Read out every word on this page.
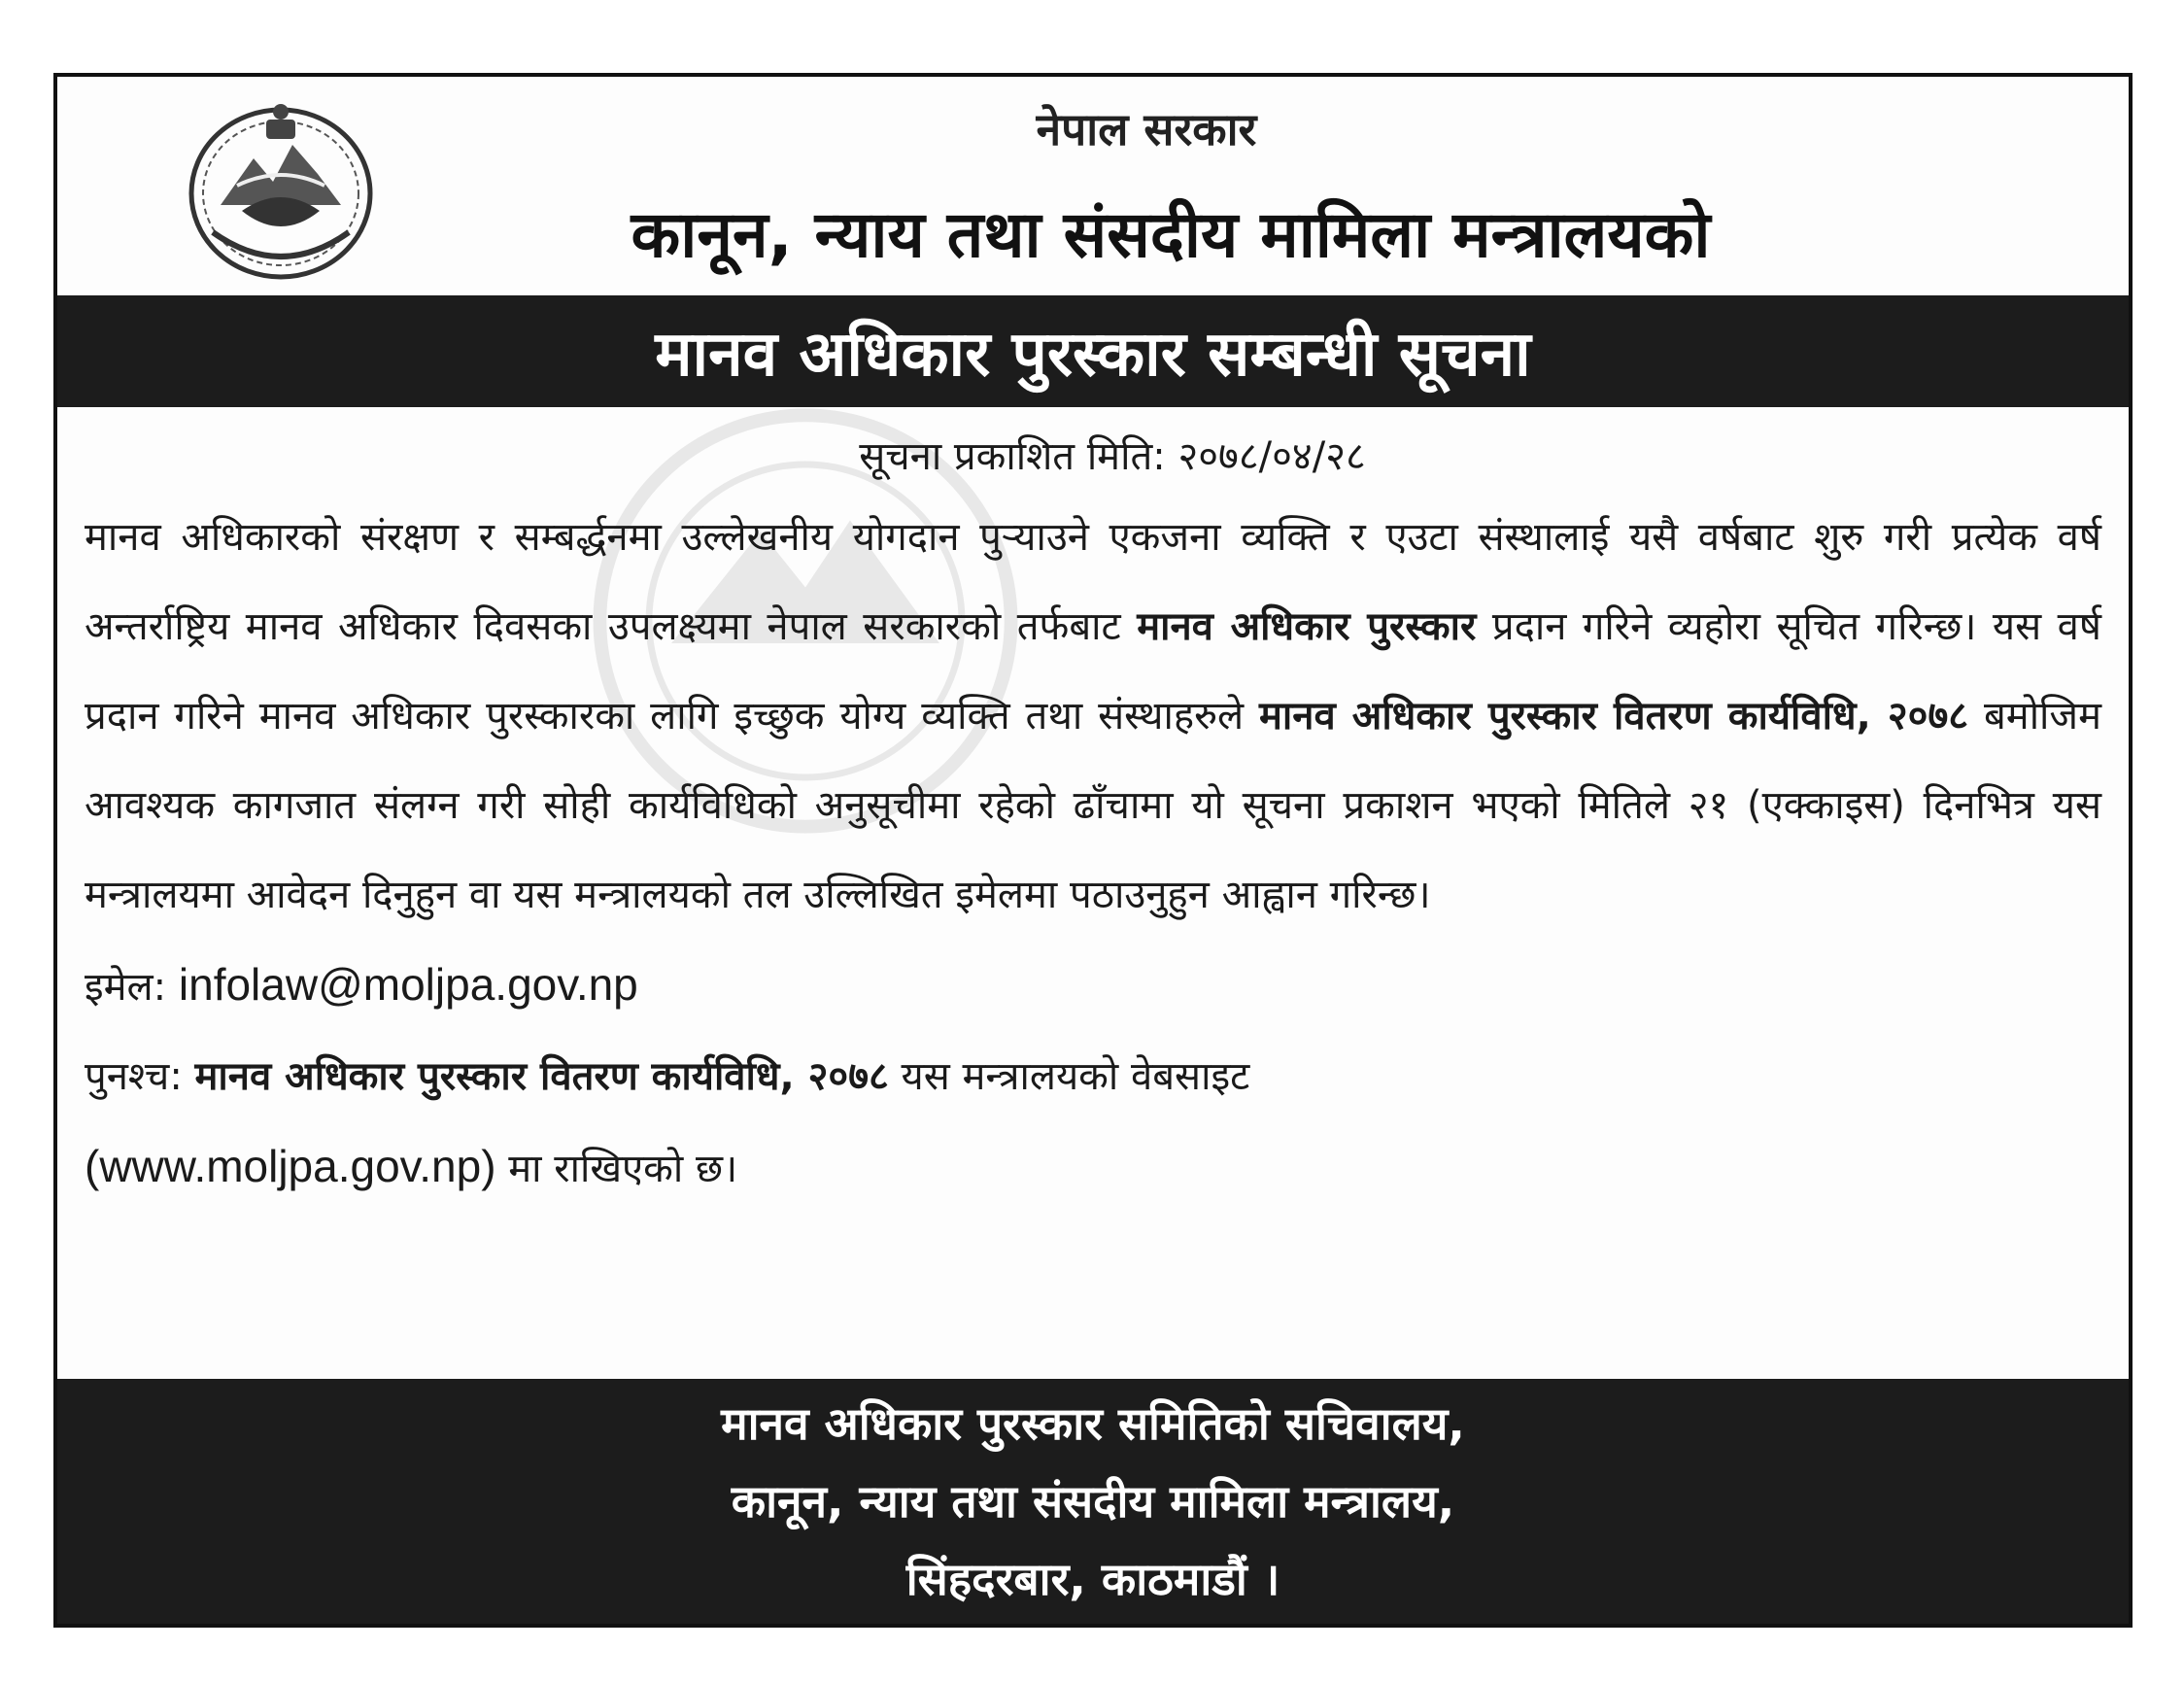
नेपाल सरकार
कानून, न्याय तथा संसदीय मामिला मन्त्रालयको
मानव अधिकार पुरस्कार सम्बन्धी सूचना
सूचना प्रकाशित मिति: २०७८/०४/२८

मानव अधिकारको संरक्षण र सम्बर्द्धनमा उल्लेखनीय योगदान पुऱ्याउने एकजना व्यक्ति र एउटा संस्थालाई यसै वर्षबाट शुरु गरी प्रत्येक वर्ष अन्तर्राष्ट्रिय मानव अधिकार दिवसका उपलक्ष्यमा नेपाल सरकारको तर्फबाट मानव अधिकार पुरस्कार प्रदान गरिने व्यहोरा सूचित गरिन्छ। यस वर्ष प्रदान गरिने मानव अधिकार पुरस्कारका लागि इच्छुक योग्य व्यक्ति तथा संस्थाहरुले मानव अधिकार पुरस्कार वितरण कार्यविधि, २०७८ बमोजिम आवश्यक कागजात संलग्न गरी सोही कार्यविधिको अनुसूचीमा रहेको ढाँचामा यो सूचना प्रकाशन भएको मितिले २१ (एक्काइस) दिनभित्र यस मन्त्रालयमा आवेदन दिनुहुन वा यस मन्त्रालयको तल उल्लिखित इमेलमा पठाउनुहुन आह्वान गरिन्छ।

इमेल: infolaw@moljpa.gov.np

पुनश्च: मानव अधिकार पुरस्कार वितरण कार्यविधि, २०७८ यस मन्त्रालयको वेबसाइट
(www.moljpa.gov.np) मा राखिएको छ।

मानव अधिकार पुरस्कार समितिको सचिवालय,
कानून, न्याय तथा संसदीय मामिला मन्त्रालय,
सिंहदरबार, काठमाडौं ।
